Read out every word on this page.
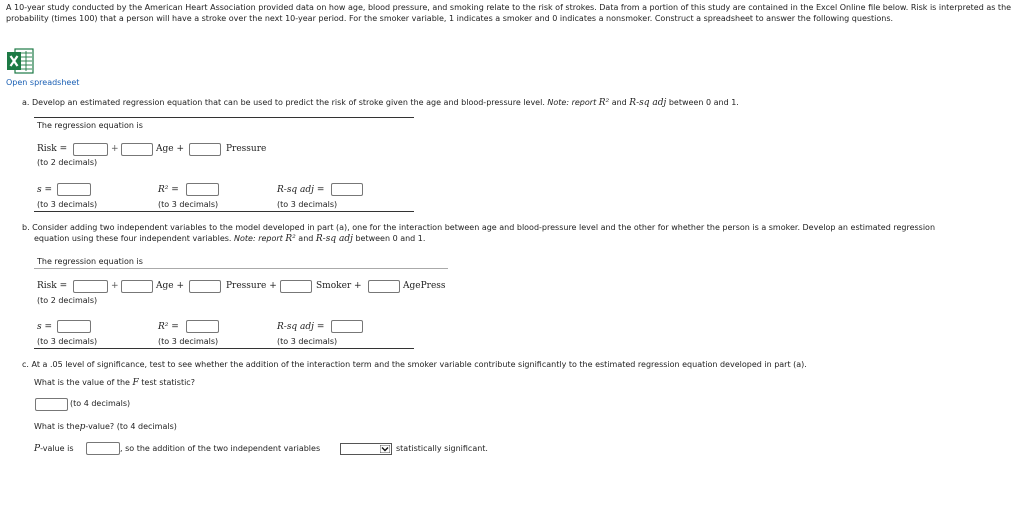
A 10-year study conducted by the American Heart Association provided data on how age, blood pressure, and smoking relate to the risk of strokes. Data from a portion of this study are contained in the Excel Online file below. Risk is interpreted as the probability (times 100) that a person will have a stroke over the next 10-year period. For the smoker variable, 1 indicates a smoker and 0 indicates a nonsmoker. Construct a spreadsheet to answer the following questions.
Open spreadsheet
a. Develop an estimated regression equation that can be used to predict the risk of stroke given the age and blood-pressure level. Note: report R² and R-sq adj between 0 and 1.
The regression equation is
Risk =	+	Age +	Pressure
(to 2 decimals)
s =	R² =	R-sq adj =
(to 3 decimals)	(to 3 decimals)	(to 3 decimals)
b. Consider adding two independent variables to the model developed in part (a), one for the interaction between age and blood-pressure level and the other for whether the person is a smoker. Develop an estimated regression
equation using these four independent variables. Note: report R² and R-sq adj between 0 and 1.
The regression equation is
Risk =	+	Age +	Pressure +	Smoker +	AgePress
(to 2 decimals)
s =	R² =	R-sq adj =
(to 3 decimals)	(to 3 decimals)	(to 3 decimals)
c. At a .05 level of significance, test to see whether the addition of the interaction term and the smoker variable contribute significantly to the estimated regression equation developed in part (a).
What is the value of the F test statistic?
(to 4 decimals)
What is thep-value? (to 4 decimals)
P-value is	, so the addition of the two independent variables	statistically significant.
